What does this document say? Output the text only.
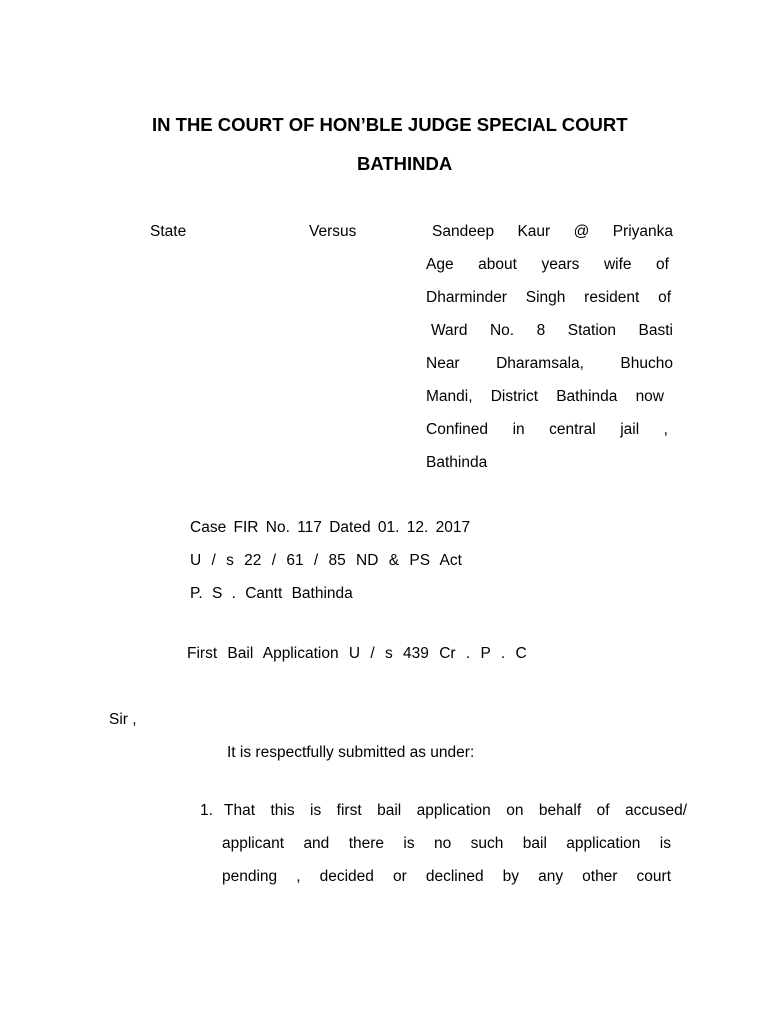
IN THE COURT OF HON’BLE JUDGE SPECIAL COURT
BATHINDA
State	Versus	Sandeep Kaur @ Priyanka
Age about years wife of
Dharminder Singh resident of
Ward No. 8 Station Basti
Near Dharamsala, Bhucho
Mandi, District Bathinda now
Confined in central jail ,
Bathinda
Case FIR No. 117 Dated 01. 12. 2017
U / s 22 / 61 / 85 ND & PS Act
P. S . Cantt Bathinda
First Bail Application U / s 439 Cr . P . C
Sir ,
It is respectfully submitted as under:
1. That this is first bail application on behalf of accused/
applicant and there is no such bail application is
pending , decided or declined by any other court
